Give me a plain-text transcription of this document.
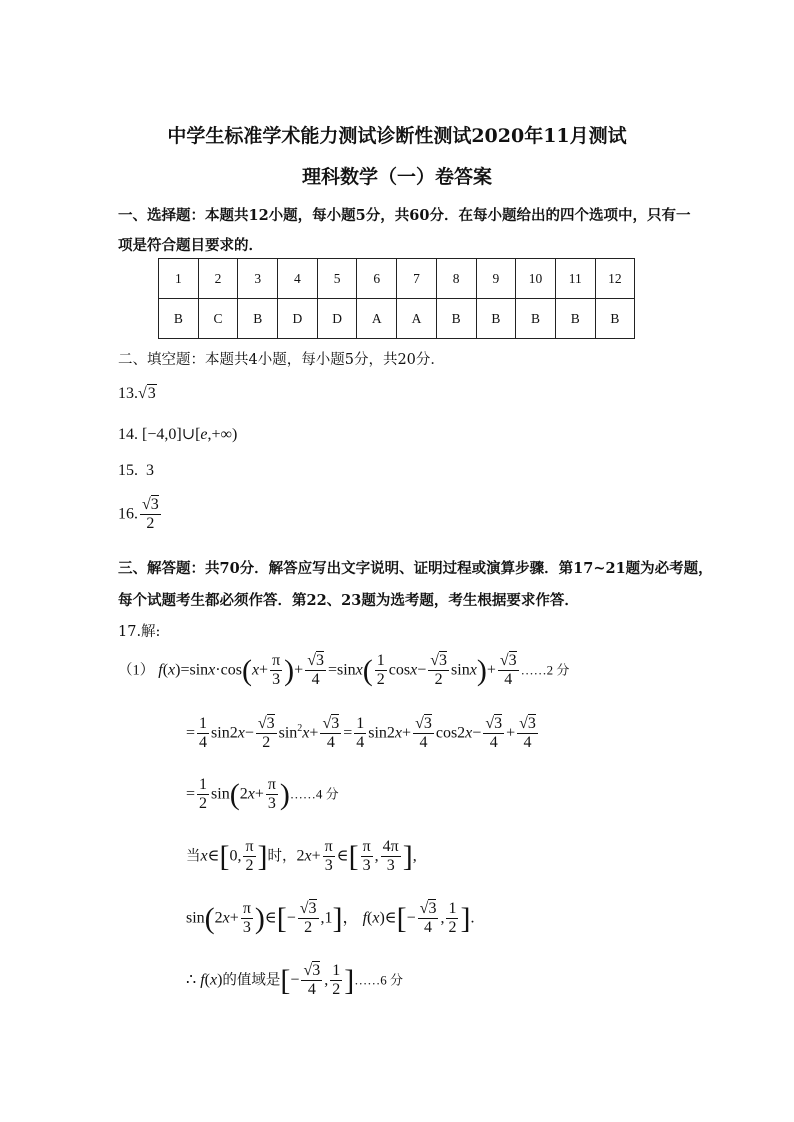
中学生标准学术能力测试诊断性测试2020年11月测试
理科数学（一）卷答案
一、选择题：本题共12小题，每小题5分，共60分．在每小题给出的四个选项中，只有一
项是符合题目要求的．
1	2	3	4	5	6	7	8	9	10	11	12
B	C	B	D	D	A	A	B	B	B	B	B
二、填空题：本题共4小题，每小题5分，共20分．
13.√3
14. [−4,0]∪[e,+∞)
15. 3
16. $\frac{√3}{2}$
三、解答题：共70分．解答应写出文字说明、证明过程或演算步骤．第17~21题为必考题，
每个试题考生都必须作答．第22、23题为选考题，考生根据要求作答．
17.解:
（1） $f(x)=\sin x\cdot\cos(x+ \frac{\pi}{3}$ )+ $\frac{√3}{4} =\sin x( \frac{1}{2} \cos x- \frac{√3}{2} \sin x)+ \frac{√3}{4}$ ……2 分
= $\frac{1}{4} \sin 2x- \frac{√3}{2} \sin^2x+ \frac{√3}{4} = \frac{1}{4} \sin 2x+ \frac{√3}{4} \cos 2x- \frac{√3}{4} + \frac{√3}{4}$
= $\frac{1}{2} \sin(2x+ \frac{\pi}{3}$ )……4 分
当x∈[0, $\frac{\pi}{2}$ ]时，$2x+ \frac{\pi}{3}$ ∈[ $\frac{\pi}{3}$ , $\frac{4\pi}{3}$ ],
$\sin(2x+ \frac{\pi}{3}$ )∈[− $\frac{√3}{2} ,1$]， f(x)∈[− $\frac{√3}{4}$ , $\frac{1}{2}$ ].
∴ f(x)的值域是[− $\frac{√3}{4}$ , $\frac{1}{2}$ ]……6 分
